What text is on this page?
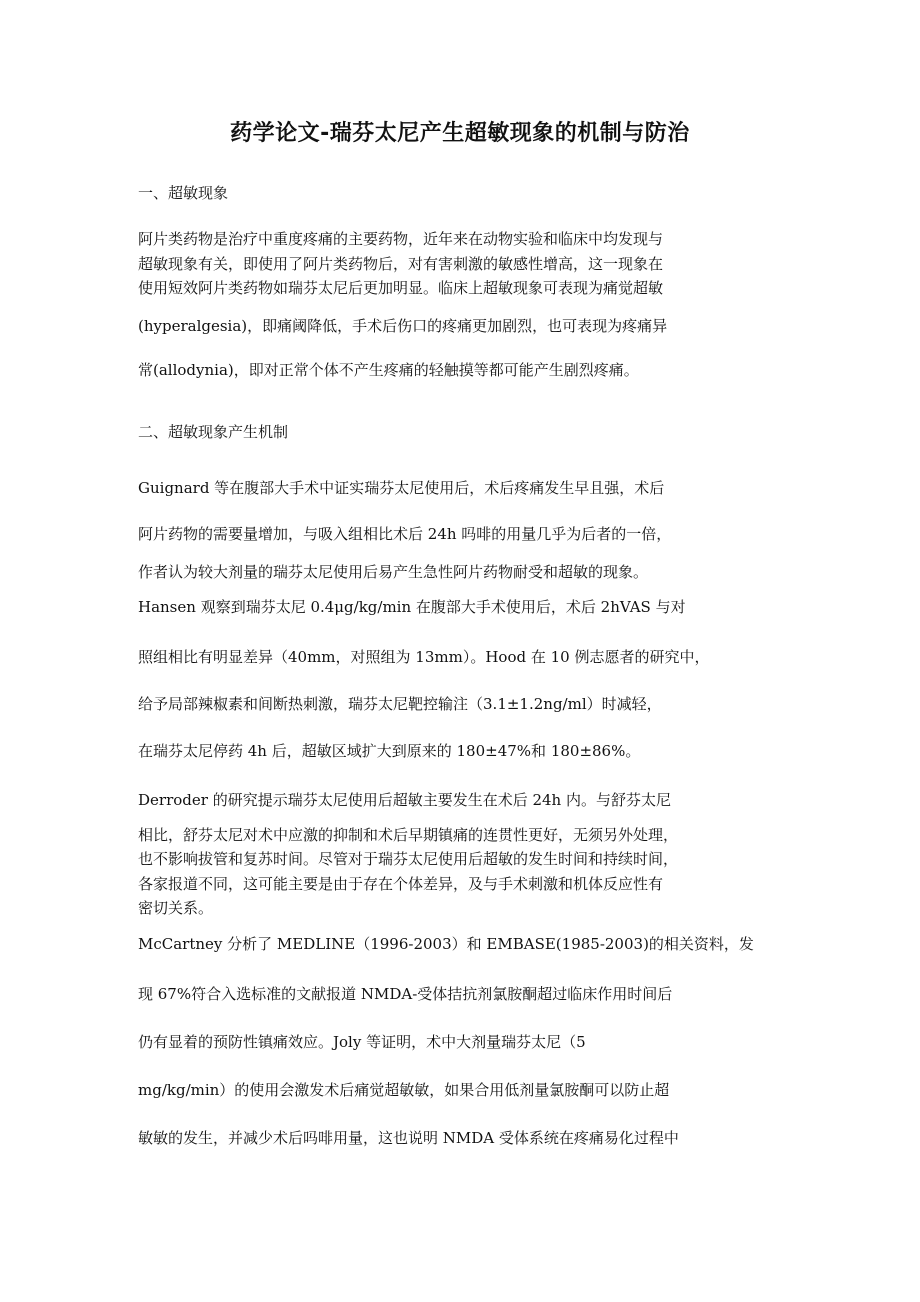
药学论文-瑞芬太尼产生超敏现象的机制与防治

一、超敏现象

阿片类药物是治疗中重度疼痛的主要药物，近年来在动物实验和临床中均发现与

超敏现象有关，即使用了阿片类药物后，对有害刺激的敏感性增高，这一现象在

使用短效阿片类药物如瑞芬太尼后更加明显。临床上超敏现象可表现为痛觉超敏

(hyperalgesia)，即痛阈降低，手术后伤口的疼痛更加剧烈，也可表现为疼痛异

常(allodynia)，即对正常个体不产生疼痛的轻触摸等都可能产生剧烈疼痛。

二、超敏现象产生机制

Guignard 等在腹部大手术中证实瑞芬太尼使用后，术后疼痛发生早且强，术后

阿片药物的需要量增加，与吸入组相比术后 24h 吗啡的用量几乎为后者的一倍，

作者认为较大剂量的瑞芬太尼使用后易产生急性阿片药物耐受和超敏的现象。

Hansen 观察到瑞芬太尼 0.4μg/kg/min 在腹部大手术使用后，术后 2hVAS 与对

照组相比有明显差异（40mm，对照组为 13mm）。Hood 在 10 例志愿者的研究中，

给予局部辣椒素和间断热刺激，瑞芬太尼靶控输注（3.1±1.2ng/ml）时减轻，

在瑞芬太尼停药 4h 后，超敏区域扩大到原来的 180±47%和 180±86%。

Derroder 的研究提示瑞芬太尼使用后超敏主要发生在术后 24h 内。与舒芬太尼

相比，舒芬太尼对术中应激的抑制和术后早期镇痛的连贯性更好，无须另外处理，

也不影响拔管和复苏时间。尽管对于瑞芬太尼使用后超敏的发生时间和持续时间，

各家报道不同，这可能主要是由于存在个体差异，及与手术刺激和机体反应性有

密切关系。

McCartney 分析了 MEDLINE（1996-2003）和 EMBASE(1985-2003)的相关资料，发

现 67%符合入选标准的文献报道 NMDA-受体拮抗剂氯胺酮超过临床作用时间后

仍有显着的预防性镇痛效应。Joly 等证明，术中大剂量瑞芬太尼（5

mg/kg/min）的使用会激发术后痛觉超敏敏，如果合用低剂量氯胺酮可以防止超

敏敏的发生，并减少术后吗啡用量，这也说明 NMDA 受体系统在疼痛易化过程中
